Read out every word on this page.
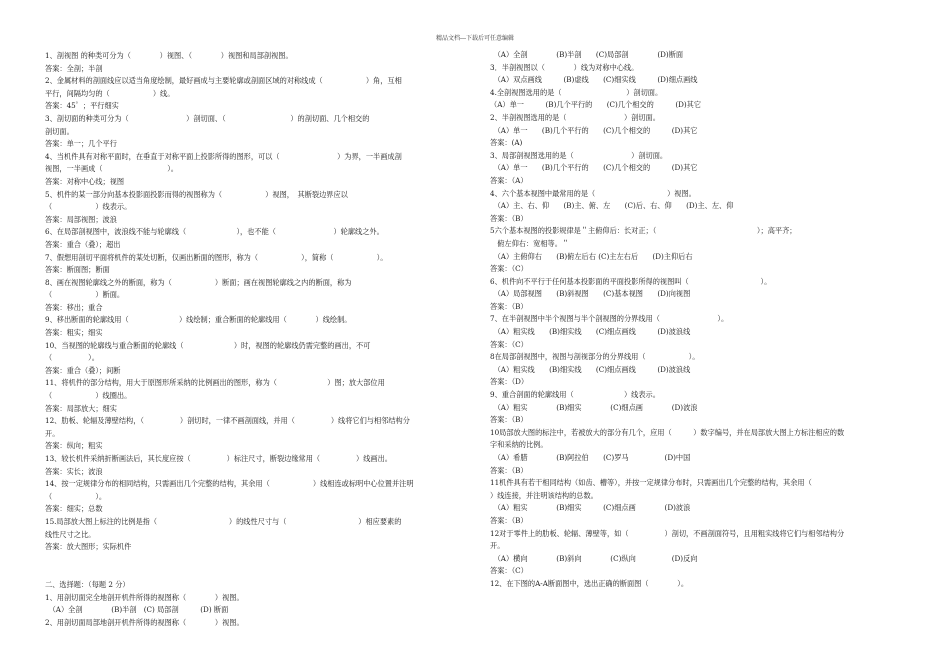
精品文档---下载后可任意编辑
1、剖视图 的种类可分为（　　　　）视图、（　　　　）视图和局部剖视图。
答案：全剖；半剖
2、金属材料的剖面线应以适当角度绘制，最好画成与主要轮廓或剖面区域的对称线成（　　　　　　）角，互相
平行，间隔均匀的（　　　　　　）线。
答案：45゜；平行细实
3、剖切面的种类可分为（　　　　　　　　）剖切面、（　　　　　　　　　）的剖切面、几个相交的
剖切面。
答案：单一；几个平行
4、当机件具有对称平面时，在垂直于对称平面上投影所得的图形，可以（　　　　　　　　）为界，一半画成剖
视图，一半画成（　　　　　　　　　）。
答案：对称中心线；视图
5、机件的某一部分向基本投影面投影而得的视图称为（　　　　　　）视图，　其断裂边界应以
（　　　　　　）线表示。
答案：局部视图；波浪
6、在局部剖视图中，波浪线不能与轮廓线（　　　　　　　），也不能（　　　　　　　　）轮廓线之外。
答案：重合（叠）；超出
7、假想用剖切平面将机件的某处切断，仅画出断面的图形，称为（　　　　　　），简称（　　　　　　）。
答案：断面图；断面
8、画在视图轮廓线之外的断面，称为（　　　　　　）断面；画在视图轮廓线之内的断面，称为
（　　　　　　）断面。
答案：移出；重合
9、移出断面的轮廓线用（　　　　　　　）线绘制；重合断面的轮廓线用（　　　　）线绘制。
答案：粗实；细实
10、当视图的轮廓线与重合断面的轮廓线（　　　　　　　）时，视图的轮廓线仍需完整的画出，不可
（　　　　　）。
答案：重合（叠）；间断
11、将机件的部分结构，用大于原图形所采纳的比例画出的图形，称为（　　　　　　　）图；放大部位用
（　　　　　　）线圈出。
答案：局部放大；细实
12、肋板、轮辐及薄壁结构，（　　　　　）剖切时，一律不画剖面线，并用（　　　　　）线将它们与相邻结构分
开。
答案：纵向；粗实
13、较长机件采纳折断画法后，其长度应按（　　　　　）标注尺寸，断裂边缘常用（　　　　　）线画出。
答案：实长；波浪
14、按一定规律分布的相同结构，只需画出几个完整的结构，其余用（　　　　　　）线相连或标明中心位置并注明
（　　　　　　）。
答案：细实；总数
15.局部放大图上标注的比例是指（　　　　　　　　　　）的线性尺寸与（　　　　　　　　　　）相应要素的
线性尺寸之比。
答案：放大图形；实际机件
二、选择题：（每题 2 分）
1、用剖切面完全地剖开机件所得的视图称（　　　　）视图。
　（A）全剖　　　　(B)半剖　(C) 局部剖　　　(D) 断面
2、用剖切面局部地剖开机件所得的视图称（　　　　）视图。
　（A）全剖　　　　(B)半剖　　(C)局部剖　　　　(D)断面
3．半剖视图以（　　　　）线为对称中心线。
　（A）双点画线　　　(B)虚线　　(C)细实线　　　(D)细点画线
4.全剖视图选用的是（　　　　　　　　　）剖切面。
（A）单一　　　(B)几个平行的　　(C)几个相交的　　　(D)其它
2、半剖视图选用的是（　　　　　　　　）剖切面。
　（A）单一　　(B)几个平行的　　(C)几个相交的　　　(D)其它
答案：(A)
3、局部剖视图选用的是（　　　　　　　　）剖切面。
　（A）单一　　(B)几个平行的　　(C)几个相交的　　　(D)其它
答案：（A）
4、六个基本视图中最常用的是（　　　　　　　　　　）视图。
　（A）主、右、仰　　(B)主、俯、左　　(C)后、右、仰　　(D)主、左、仰
答案：（B）
5六个基本视图的投影规律是＂主俯仰后：长对正；（　　　　　　　　　　　　　　）；高平齐；
　俯左仰右：宽相等。＂
　（A）主俯仰右　　(B)俯左后右 (C)主左右后　　(D)主仰后右
答案：（C）
6、机件向不平行于任何基本投影面的平面投影所得的视图叫（　　　　　　　　　　）。
　（A）局部视图　　(B)斜视图　　(C)基本视图　　(D)向视图
答案：（B）
7、在半剖视图中半个视图与半个剖视图的分界线用（　　　　　　　　）。
　（A）粗实线　　(B)细实线　　(C)细点画线　　　(D)波浪线
答案：（C）
8在局部剖视图中，视图与剖视部分的分界线用（　　　　　　）。
　（A）粗实线　　(B)细实线　　(C)细点画线　　　(D)波浪线
答案：（D）
9、重合剖面的轮廓线用（　　　　　　　）线表示。
　（A）粗实　　　　(B)细实　　　　(C)细点画　　　　(D)波浪
答案：（B）
10局部放大图的标注中，若被放大的部分有几个，应用（　　　）数字编号，并在局部放大图上方标注相应的数
字和采纳的比例。
　（A）希腊　　　　(B)阿拉伯　　(C)罗马　　　　　(D)中国
答案：（B）
11机件具有若干相同结构（如齿、槽等），并按一定规律分布时，只需画出几个完整的结构，其余用（
）线连接，并注明该结构的总数。
　（A）粗实　　　　(B)细实　　　(C)细点画　　　　(D)波浪
答案：（B）
12对于零件上的肋板、轮辐、薄壁等，如（　　　　　）剖切，不画剖面符号，且用粗实线将它们与相邻结构分
开。
　（A）横向　　　　(B)斜向　　　　(C)纵向　　　　　(D)反向
答案：（C）
12、在下图的A-A断面图中，选出正确的断面图（　　　　）。
